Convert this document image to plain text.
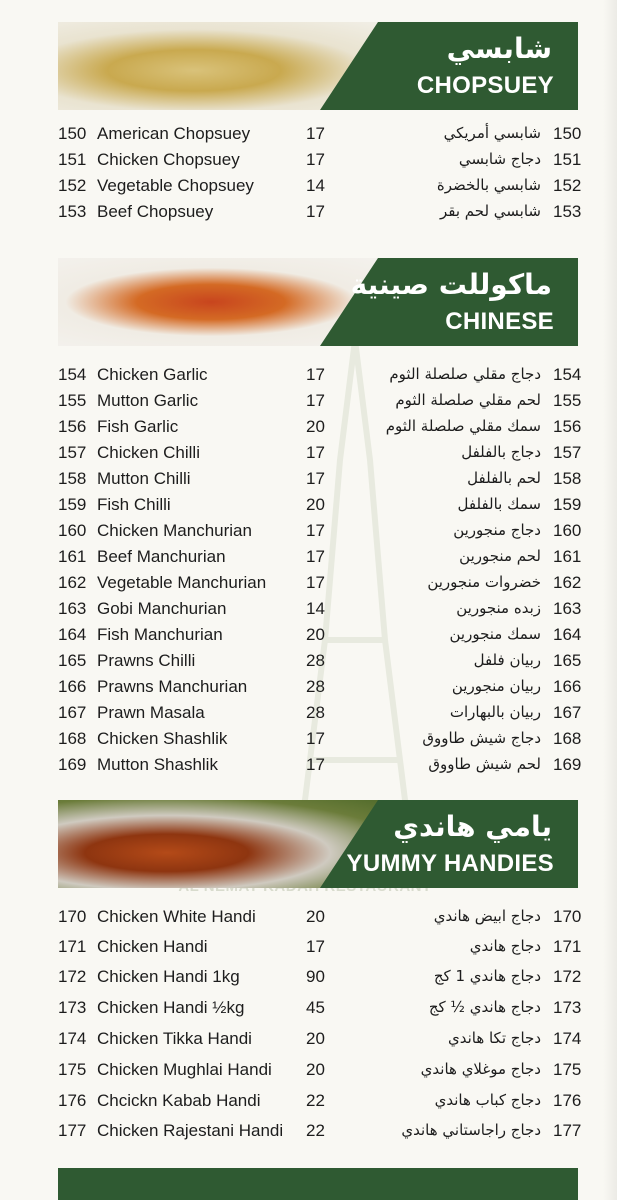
شابسي
CHOPSUEY
150 American Chopsuey	17	شابسي أمريكي 150
151 Chicken Chopsuey	17	دجاج شابسي 151
152 Vegetable Chopsuey	14	شابسي بالخضرة 152
153 Beef Chopsuey	17	شابسي لحم بقر 153
ماكوللت صينية
CHINESE
154 Chicken Garlic	17	دجاج مقلي صلصلة الثوم 154
155 Mutton Garlic	17	لحم مقلي صلصلة الثوم 155
156 Fish Garlic	20	سمك مقلي صلصلة الثوم 156
157 Chicken Chilli	17	دجاج بالفلفل 157
158 Mutton Chilli	17	لحم بالفلفل 158
159 Fish Chilli	20	سمك بالفلفل 159
160 Chicken Manchurian	17	دجاج منجورين 160
161 Beef Manchurian	17	لحم منجورين 161
162 Vegetable Manchurian 17	خضروات منجورين 162
163 Gobi Manchurian	14	زبده منجورين 163
164 Fish Manchurian	20	سمك منجورين 164
165 Prawns Chilli	28	ربيان فلفل 165
166 Prawns Manchurian	28	ربيان منجورين 166
167 Prawn Masala	28	ربيان بالبهارات 167
168 Chicken Shashlik	17	دجاج شيش طاووق 168
169 Mutton Shashlik	17	لحم شيش طاووق 169
يامي هاندي
YUMMY HANDIES
170 Chicken White Handi	20	دجاج ابيض هاندي 170
171 Chicken Handi	17	دجاج هاندي 171
172 Chicken Handi 1kg	90	دجاج هاندي 1 كج 172
173 Chicken Handi ½kg	45	دجاج هاندي ½ كج 173
174 Chicken Tikka Handi	20	دجاج تكا هاندي 174
175 Chicken Mughlai Handi 20	دجاج موغلاي هاندي 175
176 Chcickn Kabab Handi	22	دجاج كباب هاندي 176
177 Chicken Rajestani Handi 22	دجاج راجاستاني هاندي 177
